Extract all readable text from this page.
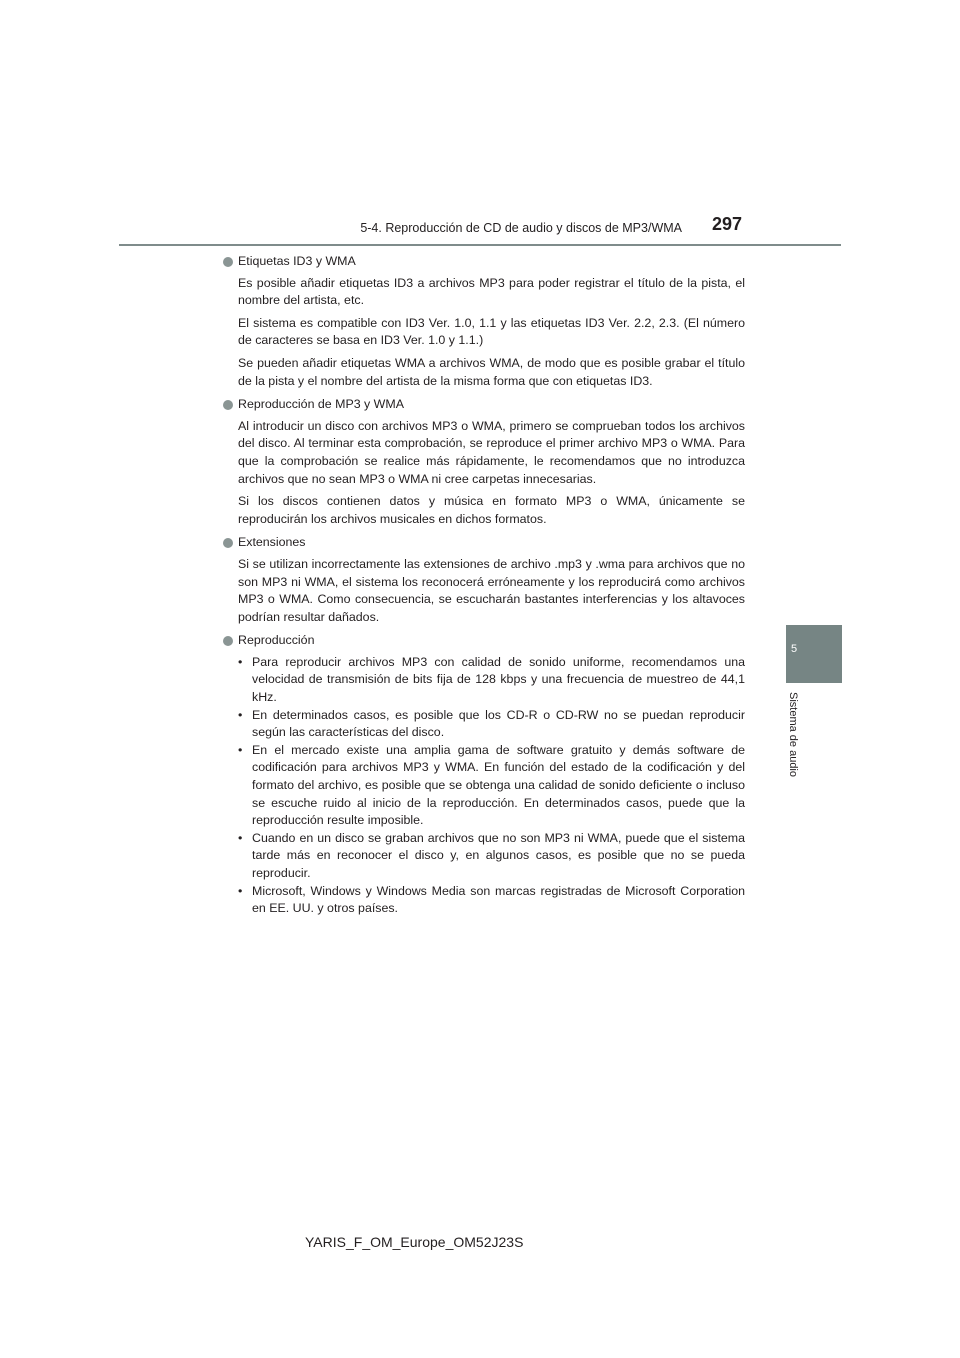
5-4. Reproducción de CD de audio y discos de MP3/WMA 297
5
Sistema de audio
Etiquetas ID3 y WMA

Es posible añadir etiquetas ID3 a archivos MP3 para poder registrar el título de la pista, el nombre del artista, etc.

El sistema es compatible con ID3 Ver. 1.0, 1.1 y las etiquetas ID3 Ver. 2.2, 2.3. (El número de caracteres se basa en ID3 Ver. 1.0 y 1.1.)

Se pueden añadir etiquetas WMA a archivos WMA, de modo que es posible grabar el título de la pista y el nombre del artista de la misma forma que con etiquetas ID3.

Reproducción de MP3 y WMA

Al introducir un disco con archivos MP3 o WMA, primero se comprueban todos los archivos del disco. Al terminar esta comprobación, se reproduce el primer archivo MP3 o WMA. Para que la comprobación se realice más rápidamente, le recomendamos que no introduzca archivos que no sean MP3 o WMA ni cree carpetas innecesarias.

Si los discos contienen datos y música en formato MP3 o WMA, únicamente se reproducirán los archivos musicales en dichos formatos.

Extensiones

Si se utilizan incorrectamente las extensiones de archivo .mp3 y .wma para archivos que no son MP3 ni WMA, el sistema los reconocerá erróneamente y los reproducirá como archivos MP3 o WMA. Como consecuencia, se escucharán bastantes interferencias y los altavoces podrían resultar dañados.

Reproducción
• Para reproducir archivos MP3 con calidad de sonido uniforme, recomendamos una velocidad de transmisión de bits fija de 128 kbps y una frecuencia de muestreo de 44,1 kHz.
• En determinados casos, es posible que los CD-R o CD-RW no se puedan reproducir según las características del disco.
• En el mercado existe una amplia gama de software gratuito y demás software de codificación para archivos MP3 y WMA. En función del estado de la codificación y del formato del archivo, es posible que se obtenga una calidad de sonido deficiente o incluso se escuche ruido al inicio de la reproducción. En determinados casos, puede que la reproducción resulte imposible.
• Cuando en un disco se graban archivos que no son MP3 ni WMA, puede que el sistema tarde más en reconocer el disco y, en algunos casos, es posible que no se pueda reproducir.
• Microsoft, Windows y Windows Media son marcas registradas de Microsoft Corporation en EE. UU. y otros países.
YARIS_F_OM_Europe_OM52J23S
